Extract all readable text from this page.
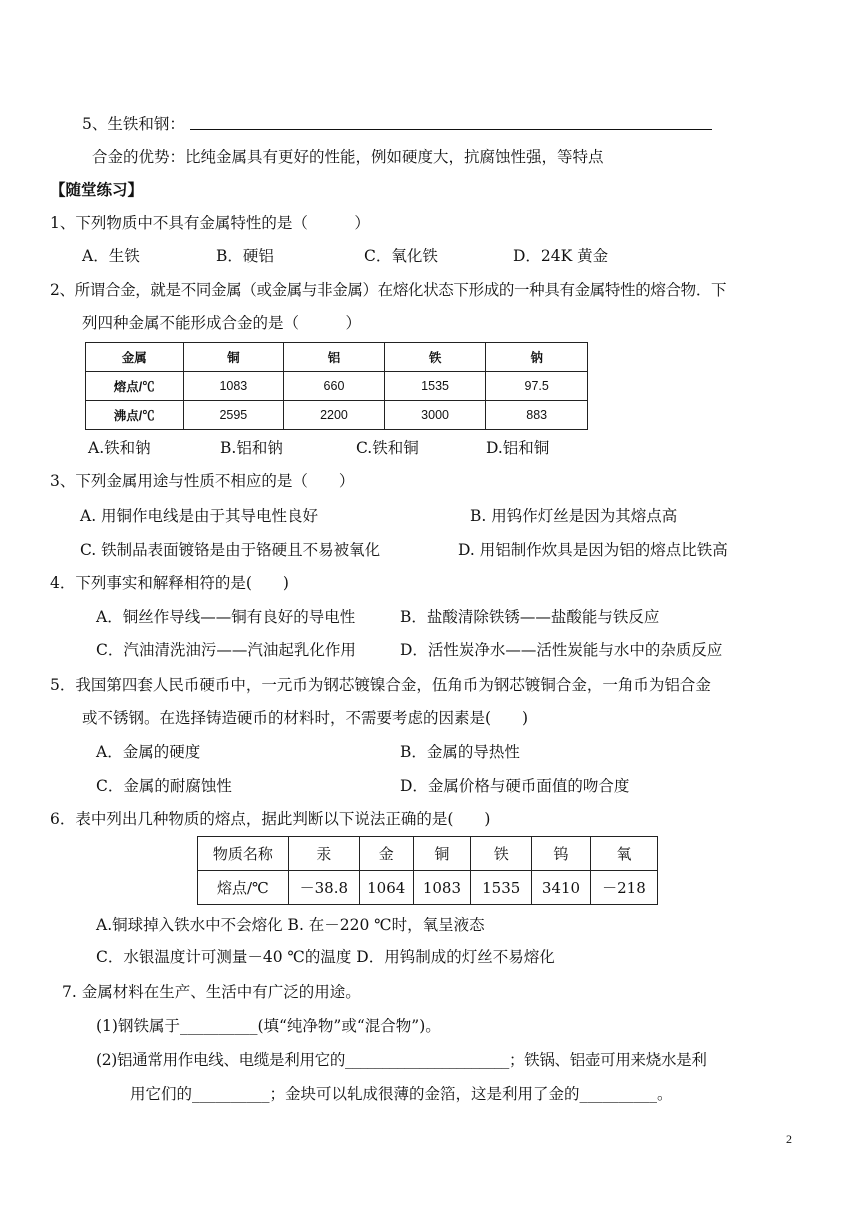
5、生铁和钢：
合金的优势：比纯金属具有更好的性能，例如硬度大，抗腐蚀性强，等特点
【随堂练习】
1、下列物质中不具有金属特性的是（　　　）
A．生铁	B．硬铝	C．氧化铁	D．24K 黄金
2、所谓合金，就是不同金属（或金属与非金属）在熔化状态下形成的一种具有金属特性的熔合物．下
列四种金属不能形成合金的是（　　　）
金属	铜	铝	铁	钠
熔点/℃	1083	660	1535	97.5
沸点/℃	2595	2200	3000	883
A.铁和钠	B.铝和钠	C.铁和铜	D.铝和铜
3、下列金属用途与性质不相应的是（　　）
A. 用铜作电线是由于其导电性良好	B. 用钨作灯丝是因为其熔点高
C. 铁制品表面镀铬是由于铬硬且不易被氧化	D. 用铝制作炊具是因为铝的熔点比铁高
4．下列事实和解释相符的是(　　)
A．铜丝作导线——铜有良好的导电性	B．盐酸清除铁锈——盐酸能与铁反应
C．汽油清洗油污——汽油起乳化作用	D．活性炭净水——活性炭能与水中的杂质反应
5．我国第四套人民币硬币中，一元币为钢芯镀镍合金，伍角币为钢芯镀铜合金，一角币为铝合金
或不锈钢。在选择铸造硬币的材料时，不需要考虑的因素是(　　)
A．金属的硬度	B．金属的导热性
C．金属的耐腐蚀性	D．金属价格与硬币面值的吻合度
6．表中列出几种物质的熔点，据此判断以下说法正确的是(　　)
物质名称	汞	金	铜	铁	钨	氧
熔点/℃	－38.8	1064	1083	1535	3410	－218
A.铜球掉入铁水中不会熔化 B. 在－220 ℃时，氧呈液态
C．水银温度计可测量－40 ℃的温度 D．用钨制成的灯丝不易熔化
7. 金属材料在生产、生活中有广泛的用途。
(1)钢铁属于__________(填“纯净物”或“混合物”)。
(2)铝通常用作电线、电缆是利用它的______________________；铁锅、铝壶可用来烧水是利
用它们的__________；金块可以轧成很薄的金箔，这是利用了金的__________。
2
